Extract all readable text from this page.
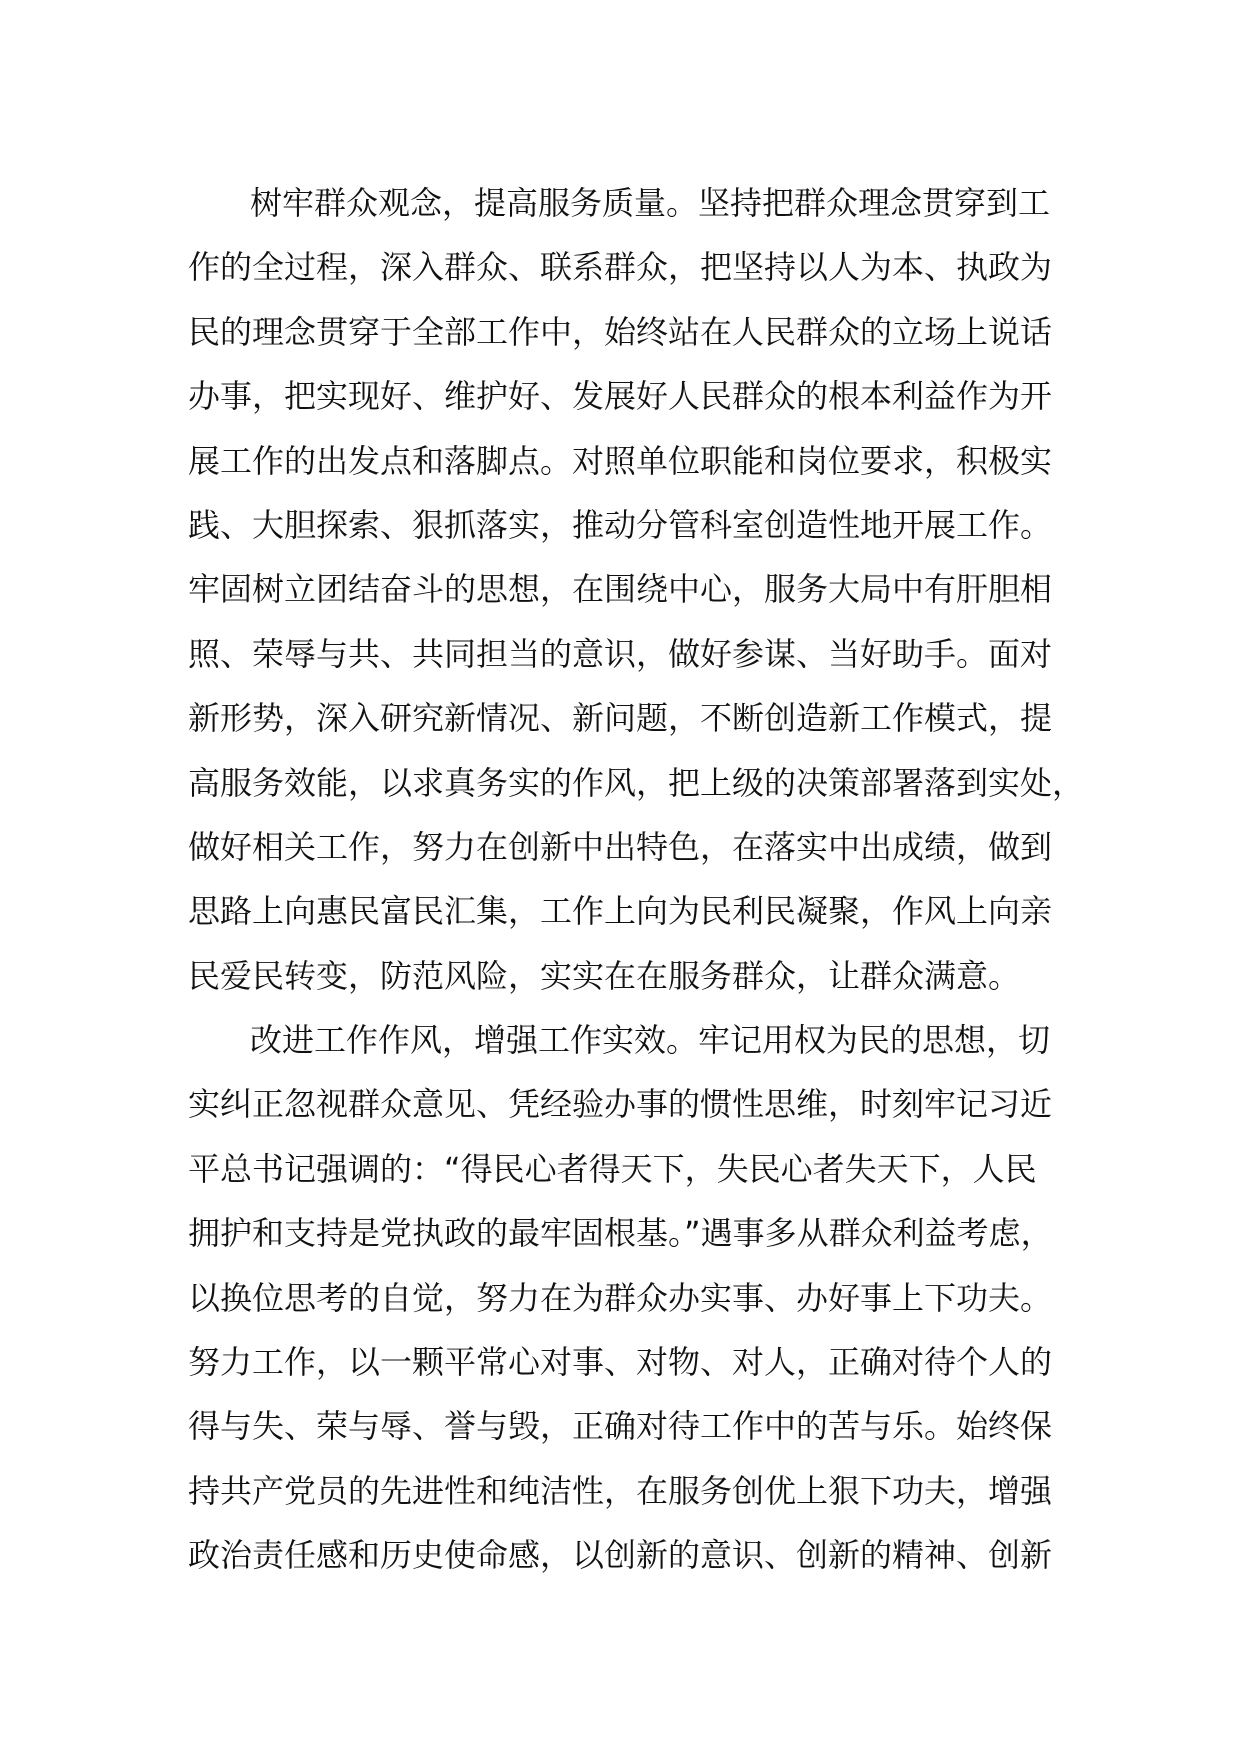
树牢群众观念，提高服务质量。坚持把群众理念贯穿到工
作的全过程，深入群众、联系群众，把坚持以人为本、执政为
民的理念贯穿于全部工作中，始终站在人民群众的立场上说话
办事，把实现好、维护好、发展好人民群众的根本利益作为开
展工作的出发点和落脚点。对照单位职能和岗位要求，积极实
践、大胆探索、狠抓落实，推动分管科室创造性地开展工作。
牢固树立团结奋斗的思想，在围绕中心，服务大局中有肝胆相
照、荣辱与共、共同担当的意识，做好参谋、当好助手。面对
新形势，深入研究新情况、新问题，不断创造新工作模式，提
高服务效能，以求真务实的作风，把上级的决策部署落到实处，
做好相关工作，努力在创新中出特色，在落实中出成绩，做到
思路上向惠民富民汇集，工作上向为民利民凝聚，作风上向亲
民爱民转变，防范风险，实实在在服务群众，让群众满意。
改进工作作风，增强工作实效。牢记用权为民的思想，切
实纠正忽视群众意见、凭经验办事的惯性思维，时刻牢记习近
平总书记强调的：“得民心者得天下，失民心者失天下，人民
拥护和支持是党执政的最牢固根基。”遇事多从群众利益考虑，
以换位思考的自觉，努力在为群众办实事、办好事上下功夫。
努力工作，以一颗平常心对事、对物、对人，正确对待个人的
得与失、荣与辱、誉与毁，正确对待工作中的苦与乐。始终保
持共产党员的先进性和纯洁性，在服务创优上狠下功夫，增强
政治责任感和历史使命感，以创新的意识、创新的精神、创新
